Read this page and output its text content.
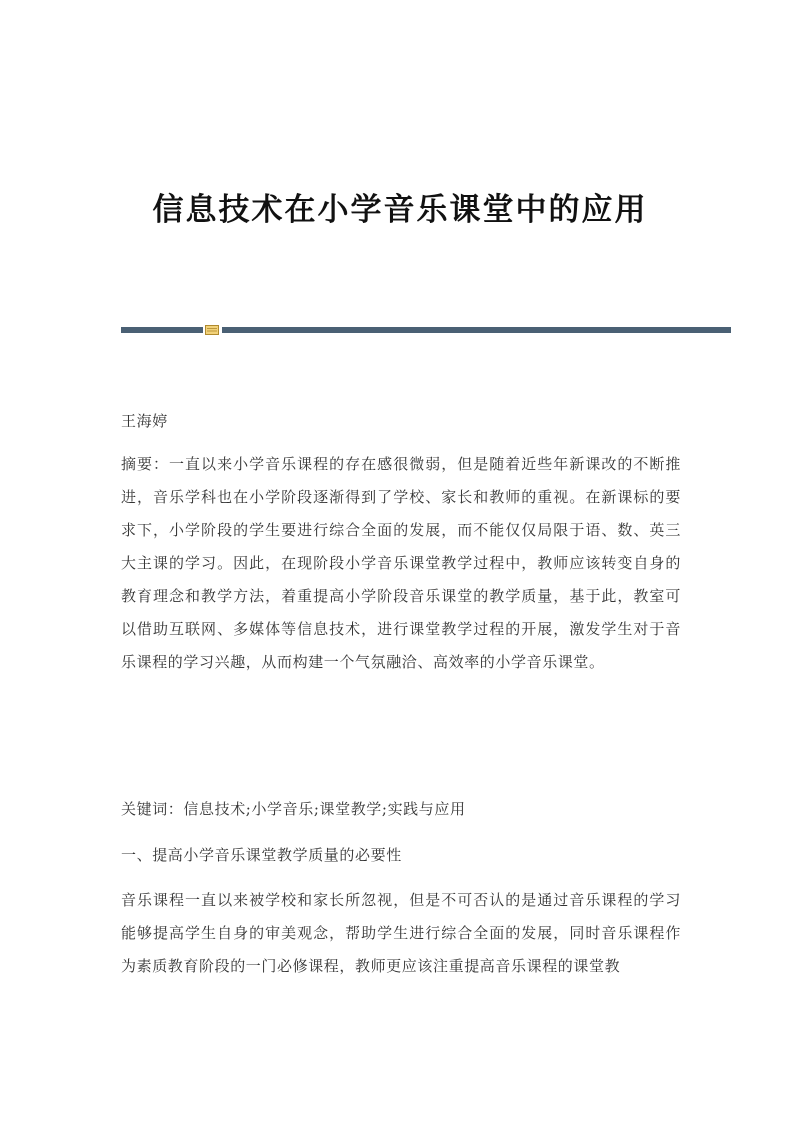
信息技术在小学音乐课堂中的应用

王海婷

摘要：一直以来小学音乐课程的存在感很微弱，但是随着近些年新课改的不断推进，音乐学科也在小学阶段逐渐得到了学校、家长和教师的重视。在新课标的要求下，小学阶段的学生要进行综合全面的发展，而不能仅仅局限于语、数、英三大主课的学习。因此，在现阶段小学音乐课堂教学过程中，教师应该转变自身的教育理念和教学方法，着重提高小学阶段音乐课堂的教学质量，基于此，教室可以借助互联网、多媒体等信息技术，进行课堂教学过程的开展，激发学生对于音乐课程的学习兴趣，从而构建一个气氛融洽、高效率的小学音乐课堂。

关键词：信息技术;小学音乐;课堂教学;实践与应用

一、提高小学音乐课堂教学质量的必要性

音乐课程一直以来被学校和家长所忽视，但是不可否认的是通过音乐课程的学习能够提高学生自身的审美观念，帮助学生进行综合全面的发展，同时音乐课程作为素质教育阶段的一门必修课程，教师更应该注重提高音乐课程的课堂教
